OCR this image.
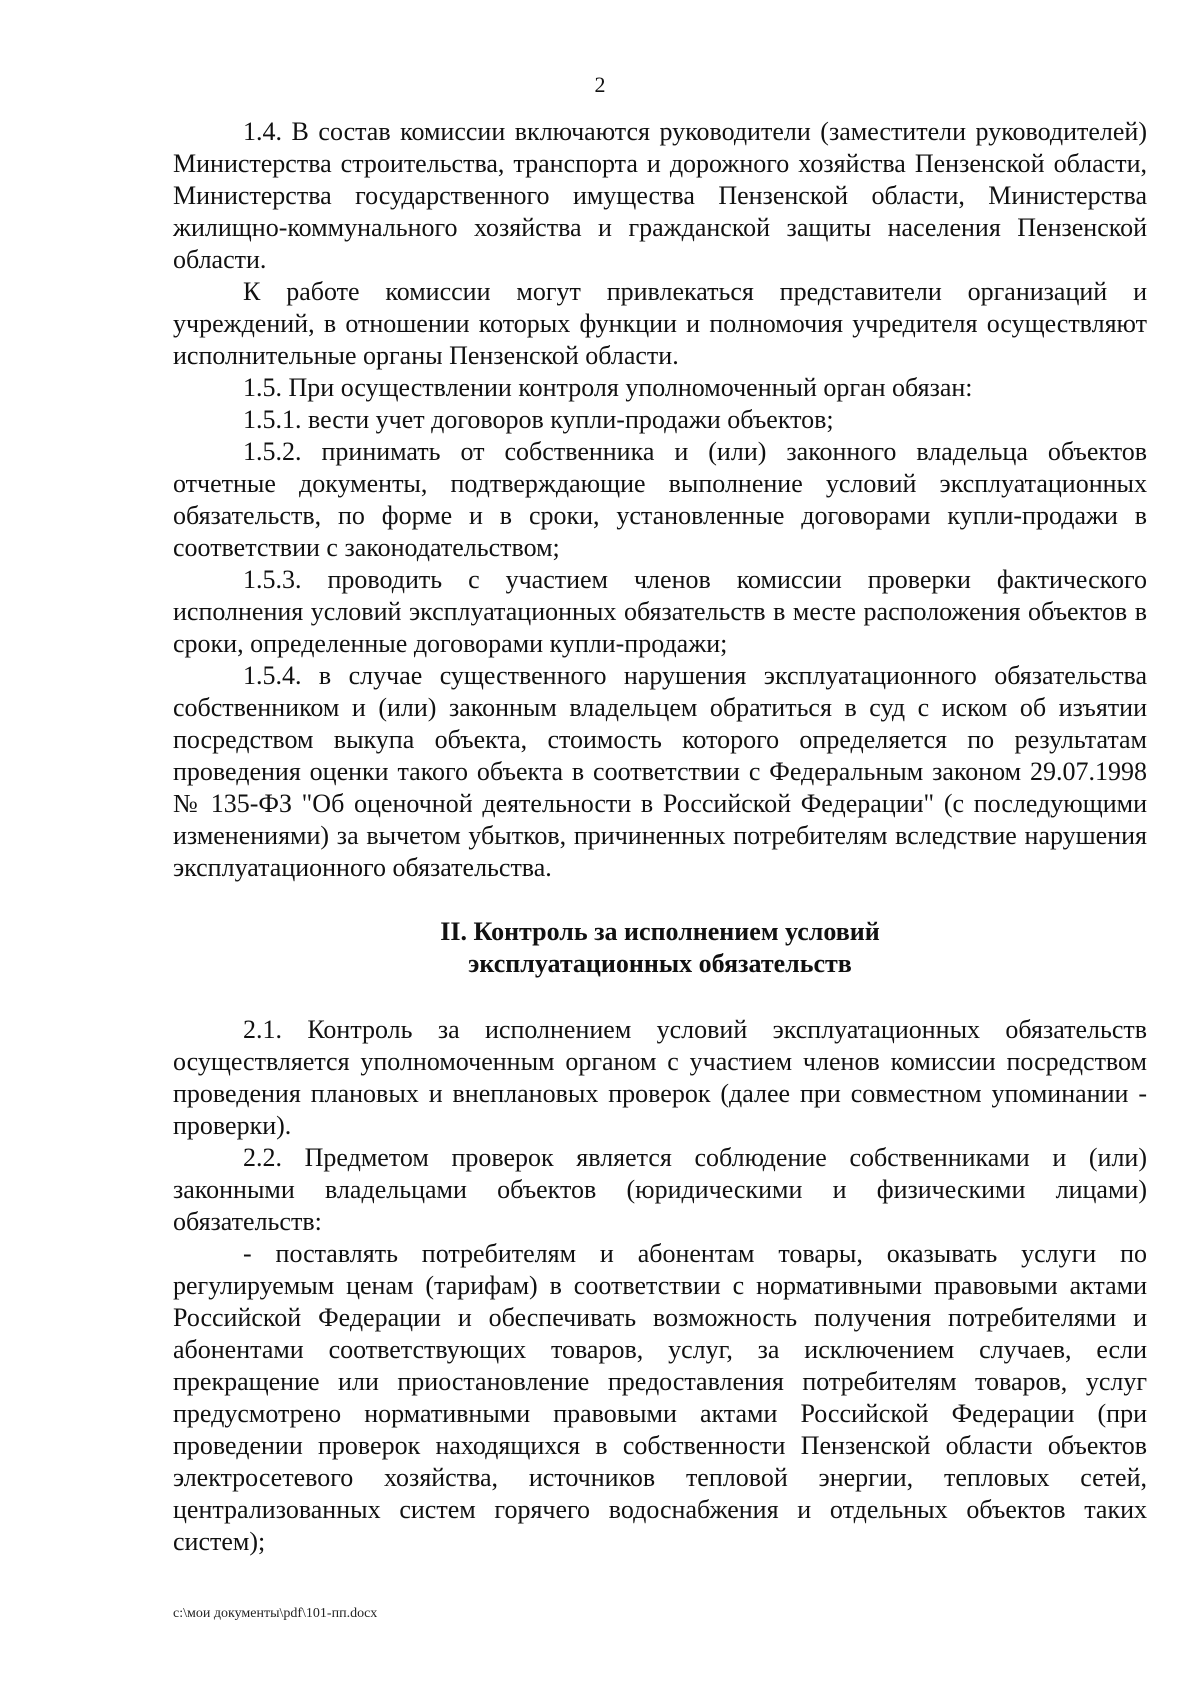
2

1.4. В состав комиссии включаются руководители (заместители руководителей) Министерства строительства, транспорта и дорожного хозяйства Пензенской области, Министерства государственного имущества Пензенской области, Министерства жилищно-коммунального хозяйства и гражданской защиты населения Пензенской области.

К работе комиссии могут привлекаться представители организаций и учреждений, в отношении которых функции и полномочия учредителя осуществляют исполнительные органы Пензенской области.

1.5. При осуществлении контроля уполномоченный орган обязан:

1.5.1. вести учет договоров купли-продажи объектов;

1.5.2. принимать от собственника и (или) законного владельца объектов отчетные документы, подтверждающие выполнение условий эксплуатационных обязательств, по форме и в сроки, установленные договорами купли-продажи в соответствии с законодательством;

1.5.3. проводить с участием членов комиссии проверки фактического исполнения условий эксплуатационных обязательств в месте расположения объектов в сроки, определенные договорами купли-продажи;

1.5.4. в случае существенного нарушения эксплуатационного обязательства собственником и (или) законным владельцем обратиться в суд с иском об изъятии посредством выкупа объекта, стоимость которого определяется по результатам проведения оценки такого объекта в соответствии с Федеральным законом 29.07.1998 № 135-ФЗ "Об оценочной деятельности в Российской Федерации" (с последующими изменениями) за вычетом убытков, причиненных потребителям вследствие нарушения эксплуатационного обязательства.

II. Контроль за исполнением условий
эксплуатационных обязательств

2.1. Контроль за исполнением условий эксплуатационных обязательств осуществляется уполномоченным органом с участием членов комиссии посредством проведения плановых и внеплановых проверок (далее при совместном упоминании - проверки).

2.2. Предметом проверок является соблюдение собственниками и (или) законными владельцами объектов (юридическими и физическими лицами) обязательств:

- поставлять потребителям и абонентам товары, оказывать услуги по регулируемым ценам (тарифам) в соответствии с нормативными правовыми актами Российской Федерации и обеспечивать возможность получения потребителями и абонентами соответствующих товаров, услуг, за исключением случаев, если прекращение или приостановление предоставления потребителям товаров, услуг предусмотрено нормативными правовыми актами Российской Федерации (при проведении проверок находящихся в собственности Пензенской области объектов электросетевого хозяйства, источников тепловой энергии, тепловых сетей, централизованных систем горячего водоснабжения и отдельных объектов таких систем);

c:\мои документы\pdf\101-пп.docx
